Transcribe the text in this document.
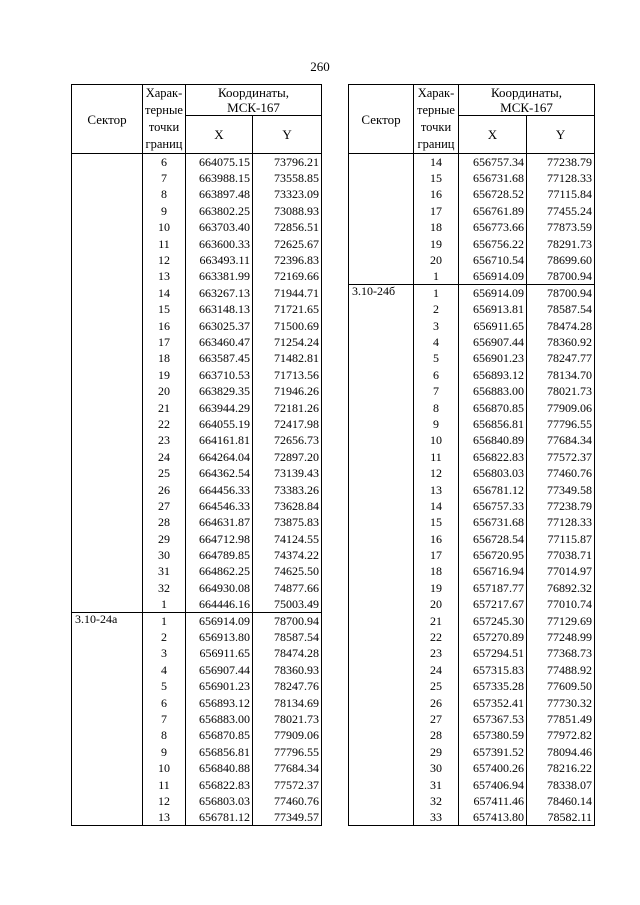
260
Сектор	Харак-
терные
точки
границ	Координаты,
МСК-167	
		X	Y
	6	664075.15	73796.21
	7	663988.15	73558.85
	8	663897.48	73323.09
	9	663802.25	73088.93
	10	663703.40	72856.51
	11	663600.33	72625.67
	12	663493.11	72396.83
	13	663381.99	72169.66
	14	663267.13	71944.71
	15	663148.13	71721.65
	16	663025.37	71500.69
	17	663460.47	71254.24
	18	663587.45	71482.81
	19	663710.53	71713.56
	20	663829.35	71946.26
	21	663944.29	72181.26
	22	664055.19	72417.98
	23	664161.81	72656.73
	24	664264.04	72897.20
	25	664362.54	73139.43
	26	664456.33	73383.26
	27	664546.33	73628.84
	28	664631.87	73875.83
	29	664712.98	74124.55
	30	664789.85	74374.22
	31	664862.25	74625.50
	32	664930.08	74877.66
	1	664446.16	75003.49
3.10-24а	1	656914.09	78700.94
	2	656913.80	78587.54
	3	656911.65	78474.28
	4	656907.44	78360.93
	5	656901.23	78247.76
	6	656893.12	78134.69
	7	656883.00	78021.73
	8	656870.85	77909.06
	9	656856.81	77796.55
	10	656840.88	77684.34
	11	656822.83	77572.37
	12	656803.03	77460.76
	13	656781.12	77349.57
Сектор	Харак-
терные
точки
границ	Координаты,
МСК-167	
		X	Y
	14	656757.34	77238.79
	15	656731.68	77128.33
	16	656728.52	77115.84
	17	656761.89	77455.24
	18	656773.66	77873.59
	19	656756.22	78291.73
	20	656710.54	78699.60
	1	656914.09	78700.94
3.10-24б	1	656914.09	78700.94
	2	656913.81	78587.54
	3	656911.65	78474.28
	4	656907.44	78360.92
	5	656901.23	78247.77
	6	656893.12	78134.70
	7	656883.00	78021.73
	8	656870.85	77909.06
	9	656856.81	77796.55
	10	656840.89	77684.34
	11	656822.83	77572.37
	12	656803.03	77460.76
	13	656781.12	77349.58
	14	656757.33	77238.79
	15	656731.68	77128.33
	16	656728.54	77115.87
	17	656720.95	77038.71
	18	656716.94	77014.97
	19	657187.77	76892.32
	20	657217.67	77010.74
	21	657245.30	77129.69
	22	657270.89	77248.99
	23	657294.51	77368.73
	24	657315.83	77488.92
	25	657335.28	77609.50
	26	657352.41	77730.32
	27	657367.53	77851.49
	28	657380.59	77972.82
	29	657391.52	78094.46
	30	657400.26	78216.22
	31	657406.94	78338.07
	32	657411.46	78460.14
	33	657413.80	78582.11
